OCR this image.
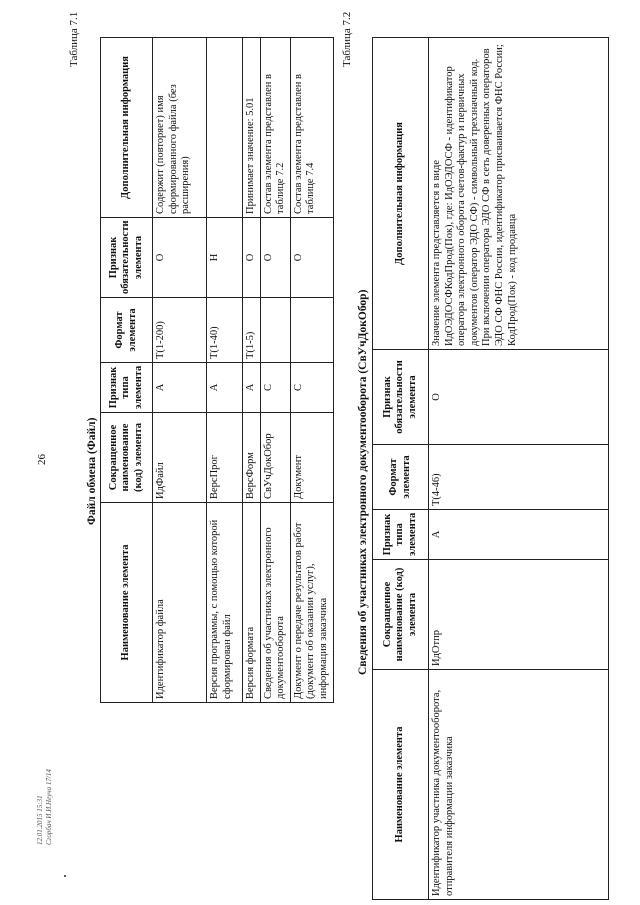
26
12.01.2015 15:31 Сгорбач И.И.Неуча 17/14
Таблица 7.1
Файл обмена (Файл)
Наименование элемента	Сокращенное наименование (код) элемента	Признак типа элемента	Формат элемента	Признак обязательности элемента	Дополнительная информация
Идентификатор файла	ИдФайл	А	Т(1-200)	О	Содержит (повторяет) имя сформированного файла (без расширения)
Версия программы, с помощью которой сформирован файл	ВерсПрог	А	Т(1-40)	Н	
Версия формата	ВерсФорм	А	Т(1-5)	О	Принимает значение: 5.01
Сведения об участниках электронного документооборота	СвУчДокОбор	С		О	Состав элемента представлен в таблице 7.2
Документ о передаче результатов работ (документ об оказании услуг), информация заказчика	Документ	С		О	Состав элемента представлен в таблице 7.4
Таблица 7.2
Сведения об участниках электронного документооборота (СвУчДокОбор)
Наименование элемента	Сокращенное наименование (код) элемента	Признак типа элемента	Формат элемента	Признак обязательности элемента	Дополнительная информация
Идентификатор участника документооборота, отправителя информации заказчика	ИдОтпр	А	Т(4-46)	О	Значение элемента представляется в виде ИдОЭДОСФКодПрод(Пок), где: ИдОЭДОСФ - идентификатор оператора электронного оборота счетов-фактур и первичных документов (оператор ЭДО СФ) - символьный трехзначный код. При включении оператора ЭДО СФ в сеть доверенных операторов ЭДО СФ ФНС России, идентификатор присваивается ФНС России; КодПрод(Пок) - код продавца
